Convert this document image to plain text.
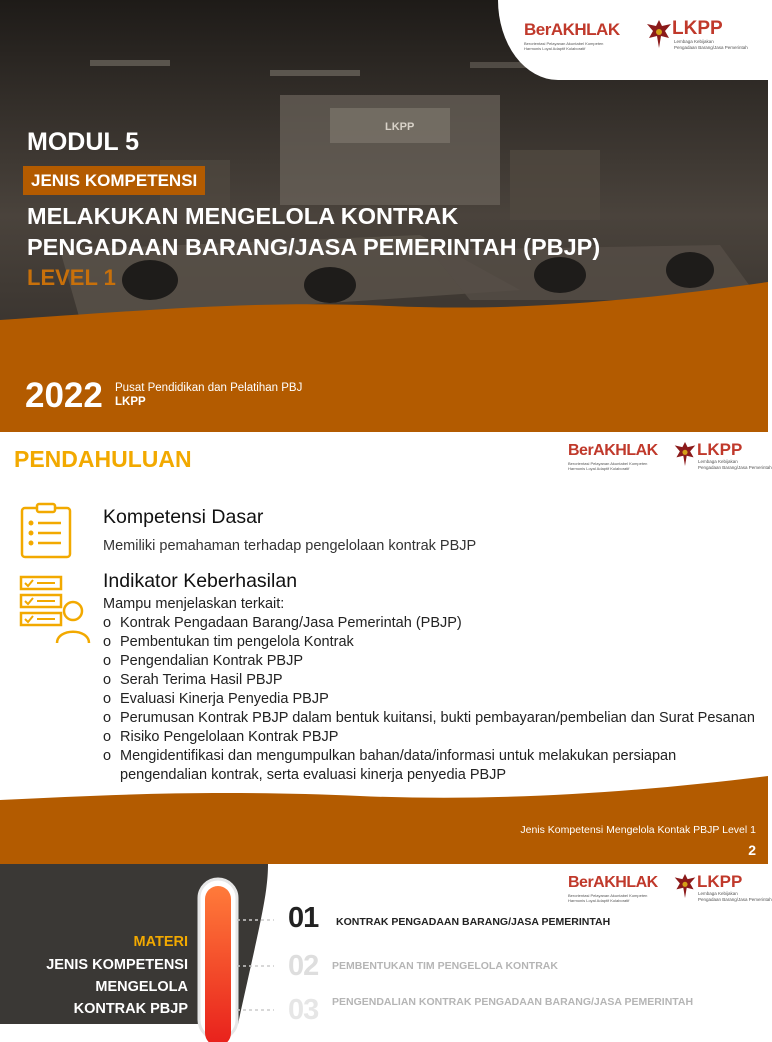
LKPP
BerAKHLAK
Berorientasi Pelayanan Akuntabel Kompeten
Harmonis Loyal Adaptif Kolaboratif
LKPP
Lembaga Kebijakan
Pengadaan Barang/Jasa Pemerintah
MODUL 5
JENIS KOMPETENSI
MELAKUKAN MENGELOLA KONTRAK
PENGADAAN BARANG/JASA PEMERINTAH (PBJP)
LEVEL 1
2022 Pusat Pendidikan dan Pelatihan PBJ
LKPP
PENDAHULUAN	BerAKHLAK
Berorientasi Pelayanan Akuntabel Kompeten
Harmonis Loyal Adaptif Kolaboratif
LKPP
Lembaga Kebijakan
Pengadaan Barang/Jasa Pemerintah
Kompetensi Dasar
Memiliki pemahaman terhadap pengelolaan kontrak PBJP
Indikator Keberhasilan
Mampu menjelaskan terkait:
o Kontrak Pengadaan Barang/Jasa Pemerintah (PBJP)
o Pembentukan tim pengelola Kontrak
o Pengendalian Kontrak PBJP
o Serah Terima Hasil PBJP
o Evaluasi Kinerja Penyedia PBJP
o Perumusan Kontrak PBJP dalam bentuk kuitansi, bukti pembayaran/pembelian dan Surat Pesanan
o Risiko Pengelolaan Kontrak PBJP
o Mengidentifikasi dan mengumpulkan bahan/data/informasi untuk melakukan persiapan pengendalian kontrak, serta evaluasi kinerja penyedia PBJP
Jenis Kompetensi Mengelola Kontak PBJP Level 1
2
BerAKHLAK
Berorientasi Pelayanan Akuntabel Kompeten
Harmonis Loyal Adaptif Kolaboratif
LKPP
Lembaga Kebijakan
Pengadaan Barang/Jasa Pemerintah
MATERI
JENIS KOMPETENSI
MENGELOLA
KONTRAK PBJP
LEVEL 1
01 KONTRAK PENGADAAN BARANG/JASA PEMERINTAH
02 PEMBENTUKAN TIM PENGELOLA KONTRAK
03 PENGENDALIAN KONTRAK PENGADAAN BARANG/JASA PEMERINTAH
